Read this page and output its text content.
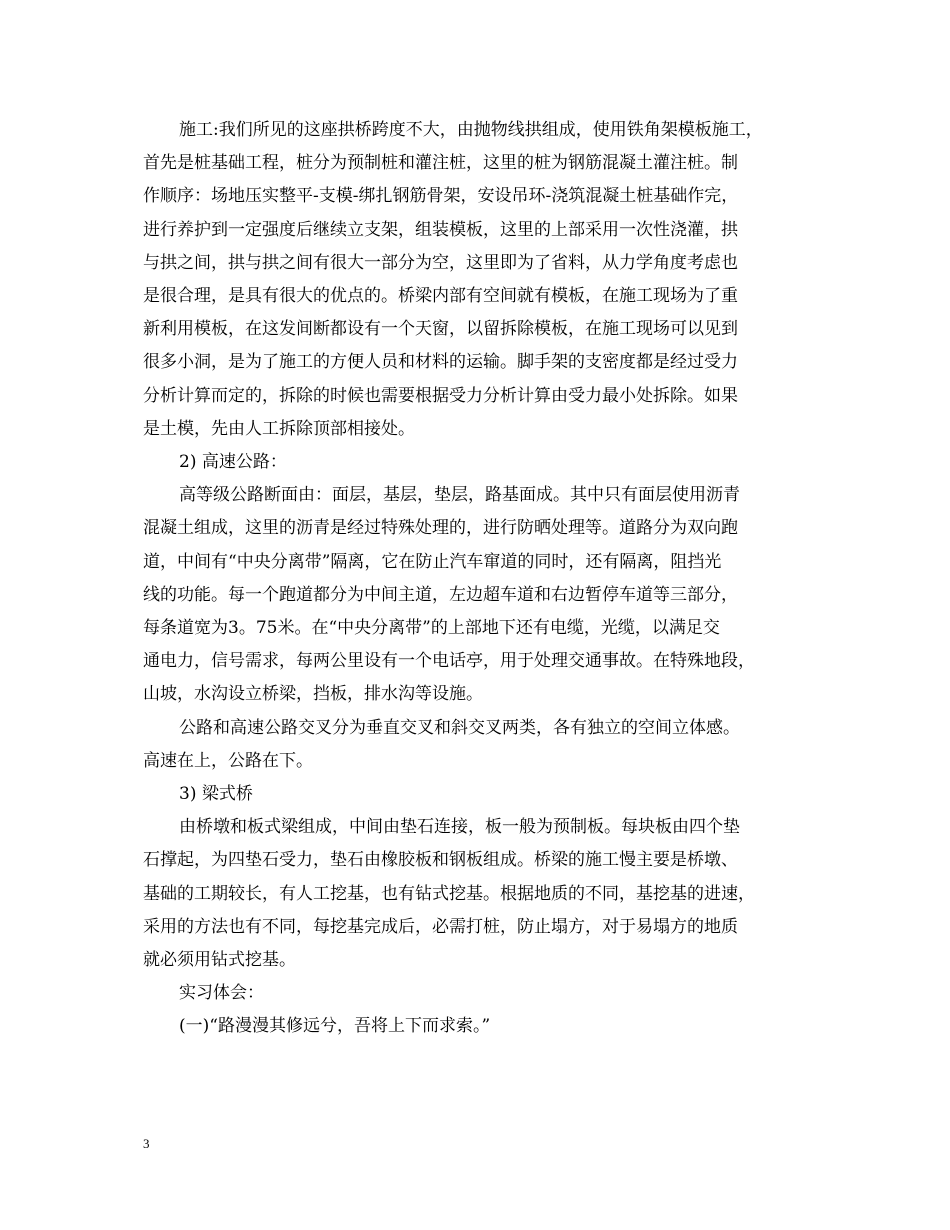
施工:我们所见的这座拱桥跨度不大，由抛物线拱组成，使用铁角架模板施工，
首先是桩基础工程，桩分为预制桩和灌注桩，这里的桩为钢筋混凝土灌注桩。制
作顺序：场地压实整平-支模-绑扎钢筋骨架，安设吊环-浇筑混凝土桩基础作完，
进行养护到一定强度后继续立支架，组装模板，这里的上部采用一次性浇灌，拱
与拱之间，拱与拱之间有很大一部分为空，这里即为了省料，从力学角度考虑也
是很合理，是具有很大的优点的。桥梁内部有空间就有模板，在施工现场为了重
新利用模板，在这发间断都设有一个天窗，以留拆除模板，在施工现场可以见到
很多小洞，是为了施工的方便人员和材料的运输。脚手架的支密度都是经过受力
分析计算而定的，拆除的时候也需要根据受力分析计算由受力最小处拆除。如果
是土模，先由人工拆除顶部相接处。

2) 高速公路：

高等级公路断面由：面层，基层，垫层，路基面成。其中只有面层使用沥青
混凝土组成，这里的沥青是经过特殊处理的，进行防晒处理等。道路分为双向跑
道，中间有“中央分离带”隔离，它在防止汽车窜道的同时，还有隔离，阻挡光
线的功能。每一个跑道都分为中间主道，左边超车道和右边暂停车道等三部分，
每条道宽为3。75米。在“中央分离带”的上部地下还有电缆，光缆，以满足交
通电力，信号需求，每两公里设有一个电话亭，用于处理交通事故。在特殊地段，
山坡，水沟设立桥梁，挡板，排水沟等设施。

公路和高速公路交叉分为垂直交叉和斜交叉两类，各有独立的空间立体感。
高速在上，公路在下。

3) 梁式桥

由桥墩和板式梁组成，中间由垫石连接，板一般为预制板。每块板由四个垫
石撑起，为四垫石受力，垫石由橡胶板和钢板组成。桥梁的施工慢主要是桥墩、
基础的工期较长，有人工挖基，也有钻式挖基。根据地质的不同，基挖基的进速，
采用的方法也有不同，每挖基完成后，必需打桩，防止塌方，对于易塌方的地质
就必须用钻式挖基。

实习体会：

(一)“路漫漫其修远兮，吾将上下而求索。”

3
